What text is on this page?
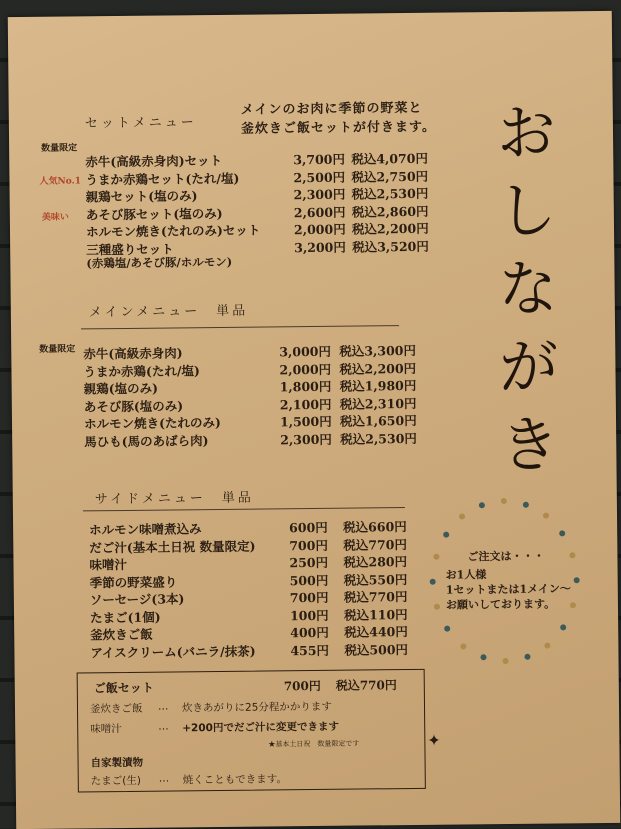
おしながき
セットメニュー
メインのお肉に季節の野菜と
釜炊きご飯セットが付きます。
数量限定
人気No.1
美味い
赤牛(高級赤身肉)セット	3,700円 税込4,070円
うまか赤鶏セット(たれ/塩)	2,500円 税込2,750円
親鶏セット(塩のみ)	2,300円 税込2,530円
あそび豚セット(塩のみ)	2,600円 税込2,860円
ホルモン焼き(たれのみ)セット	2,000円 税込2,200円
三種盛りセット	3,200円 税込3,520円
(赤鶏塩/あそび豚/ホルモン)
メインメニュー　単品
数量限定 赤牛(高級赤身肉)	3,000円 税込3,300円
うまか赤鶏(たれ/塩)	2,000円 税込2,200円
親鶏(塩のみ)	1,800円 税込1,980円
あそび豚(塩のみ)	2,100円 税込2,310円
ホルモン焼き(たれのみ)	1,500円 税込1,650円
馬ひも(馬のあばら肉)	2,300円 税込2,530円
サイドメニュー　単品
ホルモン味噌煮込み	600円 税込660円
だご汁(基本土日祝 数量限定)	700円 税込770円
味噌汁	250円 税込280円
季節の野菜盛り	500円 税込550円
ソーセージ(3本)	700円 税込770円
たまご(1個)	100円 税込110円
釜炊きご飯	400円 税込440円
アイスクリーム(バニラ/抹茶)	455円 税込500円
ご注文は・・・
お1人様
1セットまたは1メイン〜
お願いしております。
ご飯セット	700円 税込770円
釜炊きご飯 … 炊きあがりに25分程かかります
味噌汁	… +200円でだご汁に変更できます
★基本土日祝　数量限定です
自家製漬物
たまご(生) … 焼くこともできます。
✦
